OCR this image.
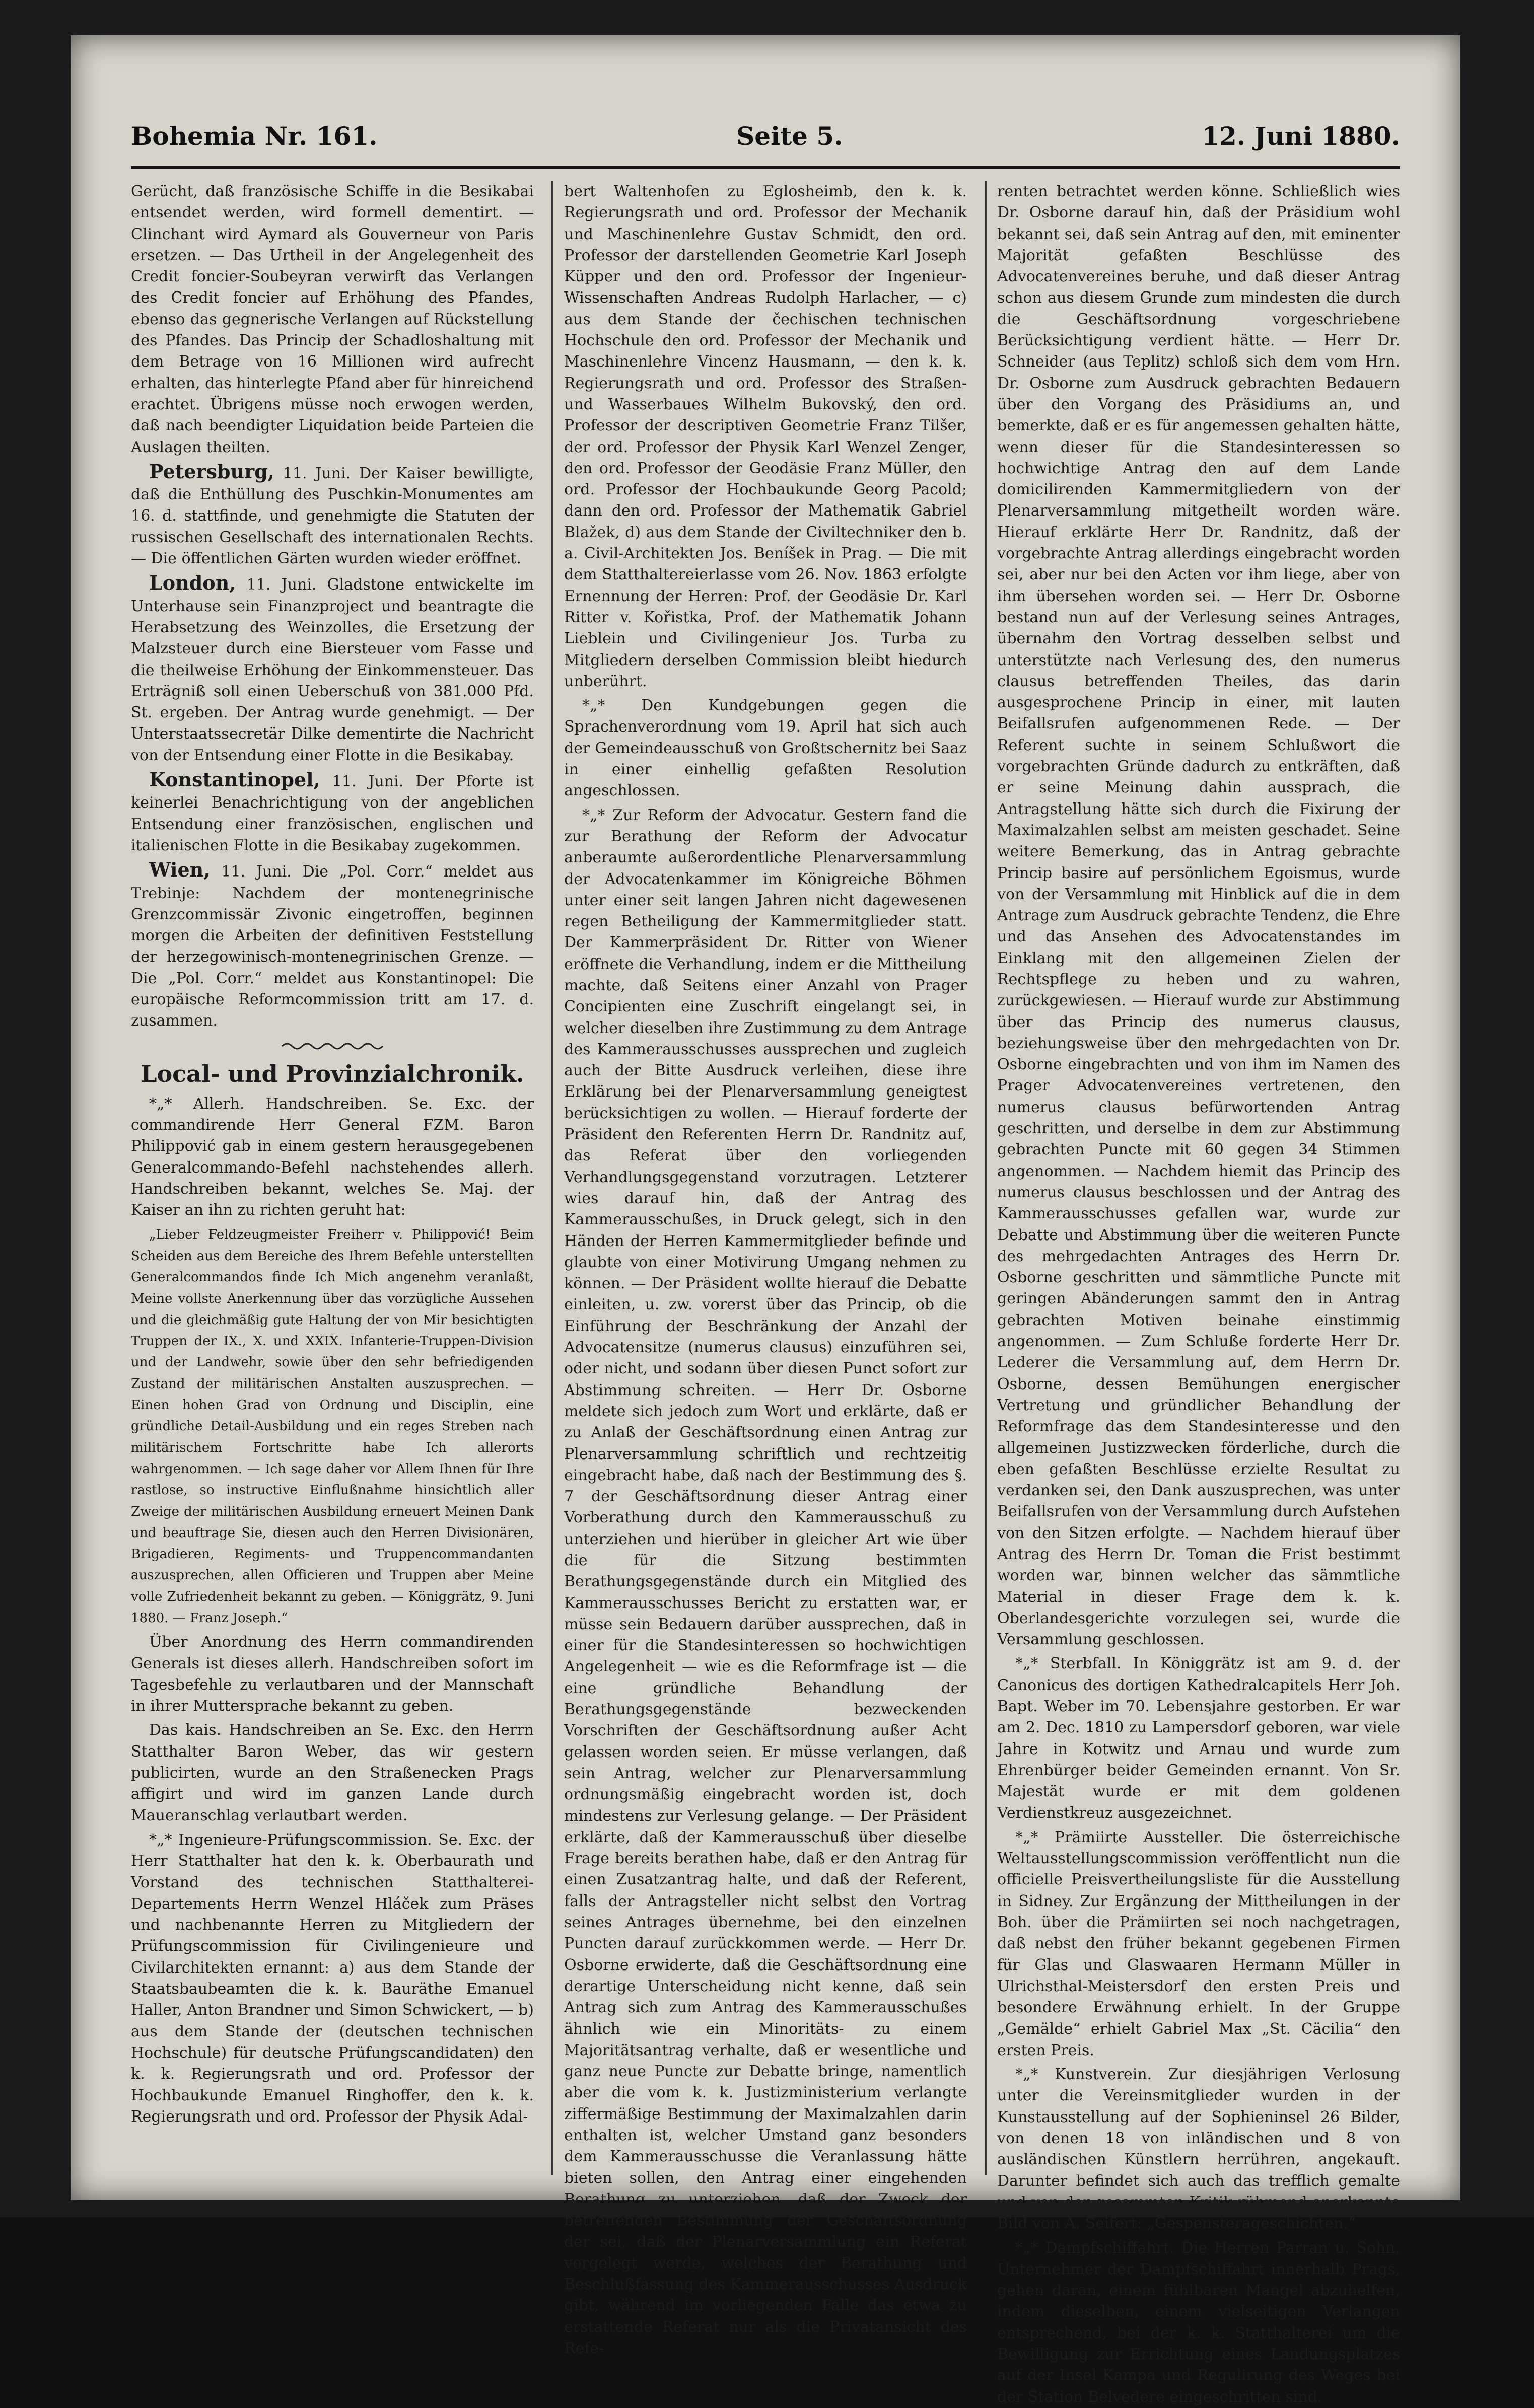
Bohemia Nr. 161.	Seite 5.	12. Juni 1880.

Gerücht, daß französische Schiffe in die Besikabai entsendet werden, wird formell dementirt. — Clinchant wird Aymard als Gouverneur von Paris ersetzen. — Das Urtheil in der Angelegenheit des Credit foncier-Soubeyran verwirft das Verlangen des Credit foncier auf Erhöhung des Pfandes, ebenso das gegnerische Verlangen auf Rückstellung des Pfandes. Das Princip der Schadloshaltung mit dem Betrage von 16 Millionen wird aufrecht erhalten, das hinterlegte Pfand aber für hinreichend erachtet. Übrigens müsse noch erwogen werden, daß nach beendigter Liquidation beide Parteien die Auslagen theilten.

Petersburg, 11. Juni. Der Kaiser bewilligte, daß die Enthüllung des Puschkin-Monumentes am 16. d. stattfinde, und genehmigte die Statuten der russischen Gesellschaft des internationalen Rechts. — Die öffentlichen Gärten wurden wieder eröffnet.

London, 11. Juni. Gladstone entwickelte im Unterhause sein Finanzproject und beantragte die Herabsetzung des Weinzolles, die Ersetzung der Malzsteuer durch eine Biersteuer vom Fasse und die theilweise Erhöhung der Einkommensteuer. Das Erträgniß soll einen Ueberschuß von 381.000 Pfd. St. ergeben. Der Antrag wurde genehmigt. — Der Unterstaatssecretär Dilke dementirte die Nachricht von der Entsendung einer Flotte in die Besikabay.

Konstantinopel, 11. Juni. Der Pforte ist keinerlei Benachrichtigung von der angeblichen Entsendung einer französischen, englischen und italienischen Flotte in die Besikabay zugekommen.

Wien, 11. Juni. Die „Pol. Corr.“ meldet aus Trebinje: Nachdem der montenegrinische Grenzcommissär Zivonic eingetroffen, beginnen morgen die Arbeiten der definitiven Feststellung der herzegowinisch-montenegrinischen Grenze. — Die „Pol. Corr.“ meldet aus Konstantinopel: Die europäische Reformcommission tritt am 17. d. zusammen.

Local- und Provinzialchronik.

*„* Allerh. Handschreiben. Se. Exc. der commandirende Herr General FZM. Baron Philippović gab in einem gestern herausgegebenen Generalcommando-Befehl nachstehendes allerh. Handschreiben bekannt, welches Se. Maj. der Kaiser an ihn zu richten geruht hat:

„Lieber Feldzeugmeister Freiherr v. Philippović! Beim Scheiden aus dem Bereiche des Ihrem Befehle unterstellten Generalcommandos finde Ich Mich angenehm veranlaßt, Meine vollste Anerkennung über das vorzügliche Aussehen und die gleichmäßig gute Haltung der von Mir besichtigten Truppen der IX., X. und XXIX. Infanterie-Truppen-Division und der Landwehr, sowie über den sehr befriedigenden Zustand der militärischen Anstalten auszusprechen. — Einen hohen Grad von Ordnung und Disciplin, eine gründliche Detail-Ausbildung und ein reges Streben nach militärischem Fortschritte habe Ich allerorts wahrgenommen. — Ich sage daher vor Allem Ihnen für Ihre rastlose, so instructive Einflußnahme hinsichtlich aller Zweige der militärischen Ausbildung erneuert Meinen Dank und beauftrage Sie, diesen auch den Herren Divisionären, Brigadieren, Regiments- und Truppencommandanten auszusprechen, allen Officieren und Truppen aber Meine volle Zufriedenheit bekannt zu geben. — Königgrätz, 9. Juni 1880. — Franz Joseph.“

Über Anordnung des Herrn commandirenden Generals ist dieses allerh. Handschreiben sofort im Tagesbefehle zu verlautbaren und der Mannschaft in ihrer Muttersprache bekannt zu geben.

Das kais. Handschreiben an Se. Exc. den Herrn Statthalter Baron Weber, das wir gestern publicirten, wurde an den Straßenecken Prags affigirt und wird im ganzen Lande durch Maueranschlag verlautbart werden.

*„* Ingenieure-Prüfungscommission. Se. Exc. der Herr Statthalter hat den k. k. Oberbaurath und Vorstand des technischen Statthalterei-Departements Herrn Wenzel Hláček zum Präses und nachbenannte Herren zu Mitgliedern der Prüfungscommission für Civilingenieure und Civilarchitekten ernannt: a) aus dem Stande der Staatsbaubeamten die k. k. Bauräthe Emanuel Haller, Anton Brandner und Simon Schwickert, — b) aus dem Stande der (deutschen technischen Hochschule) für deutsche Prüfungscandidaten) den k. k. Regierungsrath und ord. Professor der Hochbaukunde Emanuel Ringhoffer, den k. k. Regierungsrath und ord. Professor der Physik Adal-

bert Waltenhofen zu Eglosheimb, den k. k. Regierungsrath und ord. Professor der Mechanik und Maschinenlehre Gustav Schmidt, den ord. Professor der darstellenden Geometrie Karl Joseph Küpper und den ord. Professor der Ingenieur-Wissenschaften Andreas Rudolph Harlacher, — c) aus dem Stande der čechischen technischen Hochschule den ord. Professor der Mechanik und Maschinenlehre Vincenz Hausmann, — den k. k. Regierungsrath und ord. Professor des Straßen- und Wasserbaues Wilhelm Bukovský, den ord. Professor der descriptiven Geometrie Franz Tilšer, der ord. Professor der Physik Karl Wenzel Zenger, den ord. Professor der Geodäsie Franz Müller, den ord. Professor der Hochbaukunde Georg Pacold; dann den ord. Professor der Mathematik Gabriel Blažek, d) aus dem Stande der Civiltechniker den b. a. Civil-Architekten Jos. Beníšek in Prag. — Die mit dem Statthaltereierlasse vom 26. Nov. 1863 erfolgte Ernennung der Herren: Prof. der Geodäsie Dr. Karl Ritter v. Kořistka, Prof. der Mathematik Johann Lieblein und Civilingenieur Jos. Turba zu Mitgliedern derselben Commission bleibt hiedurch unberührt.

*„* Den Kundgebungen gegen die Sprachenverordnung vom 19. April hat sich auch der Gemeindeausschuß von Großtschernitz bei Saaz in einer einhellig gefaßten Resolution angeschlossen.

*„* Zur Reform der Advocatur. Gestern fand die zur Berathung der Reform der Advocatur anberaumte außerordentliche Plenarversammlung der Advocatenkammer im Königreiche Böhmen unter einer seit langen Jahren nicht dagewesenen regen Betheiligung der Kammermitglieder statt. Der Kammerpräsident Dr. Ritter von Wiener eröffnete die Verhandlung, indem er die Mittheilung machte, daß Seitens einer Anzahl von Prager Concipienten eine Zuschrift eingelangt sei, in welcher dieselben ihre Zustimmung zu dem Antrage des Kammerausschusses aussprechen und zugleich auch der Bitte Ausdruck verleihen, diese ihre Erklärung bei der Plenarversammlung geneigtest berücksichtigen zu wollen. — Hierauf forderte der Präsident den Referenten Herrn Dr. Randnitz auf, das Referat über den vorliegenden Verhandlungsgegenstand vorzutragen. Letzterer wies darauf hin, daß der Antrag des Kammerausschußes, in Druck gelegt, sich in den Händen der Herren Kammermitglieder befinde und glaubte von einer Motivirung Umgang nehmen zu können. — Der Präsident wollte hierauf die Debatte einleiten, u. zw. vorerst über das Princip, ob die Einführung der Beschränkung der Anzahl der Advocatensitze (numerus clausus) einzuführen sei, oder nicht, und sodann über diesen Punct sofort zur Abstimmung schreiten. — Herr Dr. Osborne meldete sich jedoch zum Wort und erklärte, daß er zu Anlaß der Geschäftsordnung einen Antrag zur Plenarversammlung schriftlich und rechtzeitig eingebracht habe, daß nach der Bestimmung des §. 7 der Geschäftsordnung dieser Antrag einer Vorberathung durch den Kammerausschuß zu unterziehen und hierüber in gleicher Art wie über die für die Sitzung bestimmten Berathungsgegenstände durch ein Mitglied des Kammerausschusses Bericht zu erstatten war, er müsse sein Bedauern darüber aussprechen, daß in einer für die Standesinteressen so hochwichtigen Angelegenheit — wie es die Reformfrage ist — die eine gründliche Behandlung der Berathungsgegenstände bezweckenden Vorschriften der Geschäftsordnung außer Acht gelassen worden seien. Er müsse verlangen, daß sein Antrag, welcher zur Plenarversammlung ordnungsmäßig eingebracht worden ist, doch mindestens zur Verlesung gelange. — Der Präsident erklärte, daß der Kammerausschuß über dieselbe Frage bereits berathen habe, daß er den Antrag für einen Zusatzantrag halte, und daß der Referent, falls der Antragsteller nicht selbst den Vortrag seines Antrages übernehme, bei den einzelnen Puncten darauf zurückkommen werde. — Herr Dr. Osborne erwiderte, daß die Geschäftsordnung eine derartige Unterscheidung nicht kenne, daß sein Antrag sich zum Antrag des Kammerausschußes ähnlich wie ein Minoritäts- zu einem Majoritätsantrag verhalte, daß er wesentliche und ganz neue Puncte zur Debatte bringe, namentlich aber die vom k. k. Justizministerium verlangte ziffermäßige Bestimmung der Maximalzahlen darin enthalten ist, welcher Umstand ganz besonders dem Kammerausschusse die Veranlassung hätte bieten sollen, den Antrag einer eingehenden Berathung zu unterziehen, daß der Zweck der betreffenden Bestimmung der Geschäftsordnung der sei, daß der Plenarversammlung ein Referat vorgelegt werde, welches der Berathung und Beschlußfassung des Kammerausschusses Ausdruck gibt, während im vorliegenden Falle das etwa zu erstattende Referat nur als die Privatansicht des Refe-

renten betrachtet werden könne. Schließlich wies Dr. Osborne darauf hin, daß der Präsidium wohl bekannt sei, daß sein Antrag auf den, mit eminenter Majorität gefaßten Beschlüsse des Advocatenvereines beruhe, und daß dieser Antrag schon aus diesem Grunde zum mindesten die durch die Geschäftsordnung vorgeschriebene Berücksichtigung verdient hätte. — Herr Dr. Schneider (aus Teplitz) schloß sich dem vom Hrn. Dr. Osborne zum Ausdruck gebrachten Bedauern über den Vorgang des Präsidiums an, und bemerkte, daß er es für angemessen gehalten hätte, wenn dieser für die Standesinteressen so hochwichtige Antrag den auf dem Lande domicilirenden Kammermitgliedern von der Plenarversammlung mitgetheilt worden wäre. Hierauf erklärte Herr Dr. Randnitz, daß der vorgebrachte Antrag allerdings eingebracht worden sei, aber nur bei den Acten vor ihm liege, aber von ihm übersehen worden sei. — Herr Dr. Osborne bestand nun auf der Verlesung seines Antrages, übernahm den Vortrag desselben selbst und unterstützte nach Verlesung des, den numerus clausus betreffenden Theiles, das darin ausgesprochene Princip in einer, mit lauten Beifallsrufen aufgenommenen Rede. — Der Referent suchte in seinem Schlußwort die vorgebrachten Gründe dadurch zu entkräften, daß er seine Meinung dahin aussprach, die Antragstellung hätte sich durch die Fixirung der Maximalzahlen selbst am meisten geschadet. Seine weitere Bemerkung, das in Antrag gebrachte Princip basire auf persönlichem Egoismus, wurde von der Versammlung mit Hinblick auf die in dem Antrage zum Ausdruck gebrachte Tendenz, die Ehre und das Ansehen des Advocatenstandes im Einklang mit den allgemeinen Zielen der Rechtspflege zu heben und zu wahren, zurückgewiesen. — Hierauf wurde zur Abstimmung über das Princip des numerus clausus, beziehungsweise über den mehrgedachten von Dr. Osborne eingebrachten und von ihm im Namen des Prager Advocatenvereines vertretenen, den numerus clausus befürwortenden Antrag geschritten, und derselbe in dem zur Abstimmung gebrachten Puncte mit 60 gegen 34 Stimmen angenommen. — Nachdem hiemit das Princip des numerus clausus beschlossen und der Antrag des Kammerausschusses gefallen war, wurde zur Debatte und Abstimmung über die weiteren Puncte des mehrgedachten Antrages des Herrn Dr. Osborne geschritten und sämmtliche Puncte mit geringen Abänderungen sammt den in Antrag gebrachten Motiven beinahe einstimmig angenommen. — Zum Schluße forderte Herr Dr. Lederer die Versammlung auf, dem Herrn Dr. Osborne, dessen Bemühungen energischer Vertretung und gründlicher Behandlung der Reformfrage das dem Standesinteresse und den allgemeinen Justizzwecken förderliche, durch die eben gefaßten Beschlüsse erzielte Resultat zu verdanken sei, den Dank auszusprechen, was unter Beifallsrufen von der Versammlung durch Aufstehen von den Sitzen erfolgte. — Nachdem hierauf über Antrag des Herrn Dr. Toman die Frist bestimmt worden war, binnen welcher das sämmtliche Material in dieser Frage dem k. k. Oberlandesgerichte vorzulegen sei, wurde die Versammlung geschlossen.

*„* Sterbfall. In Königgrätz ist am 9. d. der Canonicus des dortigen Kathedralcapitels Herr Joh. Bapt. Weber im 70. Lebensjahre gestorben. Er war am 2. Dec. 1810 zu Lampersdorf geboren, war viele Jahre in Kotwitz und Arnau und wurde zum Ehrenbürger beider Gemeinden ernannt. Von Sr. Majestät wurde er mit dem goldenen Verdienstkreuz ausgezeichnet.

*„* Prämiirte Aussteller. Die österreichische Weltausstellungscommission veröffentlicht nun die officielle Preisvertheilungsliste für die Ausstellung in Sidney. Zur Ergänzung der Mittheilungen in der Boh. über die Prämiirten sei noch nachgetragen, daß nebst den früher bekannt gegebenen Firmen für Glas und Glaswaaren Hermann Müller in Ulrichsthal-Meistersdorf den ersten Preis und besondere Erwähnung erhielt. In der Gruppe „Gemälde“ erhielt Gabriel Max „St. Cäcilia“ den ersten Preis.

*„* Kunstverein. Zur diesjährigen Verlosung unter die Vereinsmitglieder wurden in der Kunstausstellung auf der Sophieninsel 26 Bilder, von denen 18 von inländischen und 8 von ausländischen Künstlern herrühren, angekauft. Darunter befindet sich auch das trefflich gemalte und von der gesammten Kritik rühmend anerkannte Bild von A. Seifert: „Gespensterageschichten.“

*„* Dampfschiffahrt. Die Herren Parran u. Sohn, Unternehmer der Dampfschiffahrt innerhalb Prags, gehen daran, einem fühlbaren Mangel abzuhelfen, indem dieselben, einem vielseitigen Verlangen entsprechend, bei der k. k. Statthalterei um die Bewilligung zur Errichtung eines Landungsplatzes auf der Insel Kampa und Regulirung des Weges bei der Station Belvedere eingeschritten sind.
